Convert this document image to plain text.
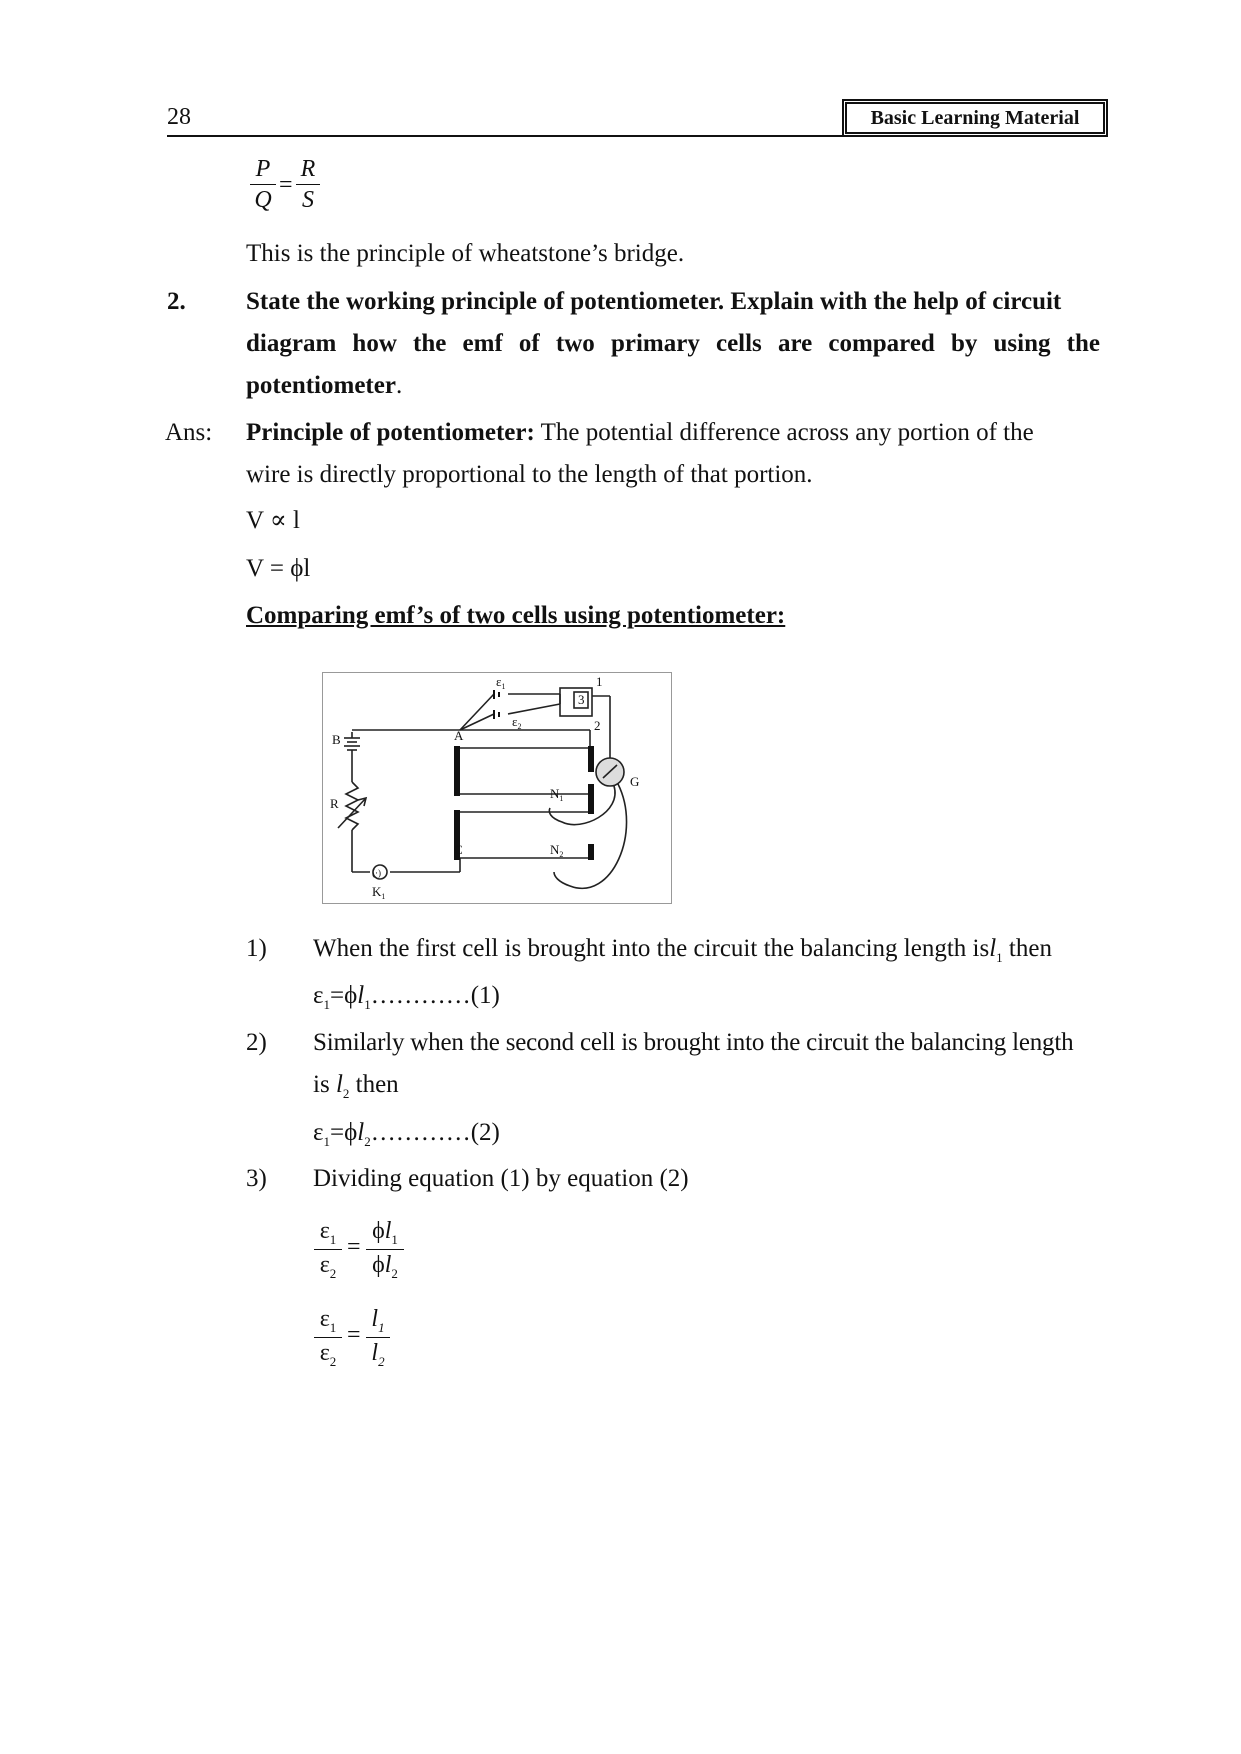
28	Basic Learning Material
P
Q
=
R
S
This is the principle of wheatstone’s bridge.
2. State the working principle of potentiometer. Explain with the help of circuit
diagram how the emf of two primary cells are compared by using the
potentiometer.
Ans: Principle of potentiometer: The potential difference across any portion of the
wire is directly proportional to the length of that portion.
V ∝ l
V = ϕl
Comparing emf’s of two cells using potentiometer:
$\varepsilon_1$
$\varepsilon_2$
1
2
3
A
B
R
C
G
$N_1$
$N_2$
$K_1$
(·)
1) When the first cell is brought into the circuit the balancing length isl$_1$ then
$\varepsilon_1=\phi l_1\dots\dots\dots\dots(1)$
2) Similarly when the second cell is brought into the circuit the balancing length
is $l_2$ then
$\varepsilon_1=\phi l_2\dots\dots\dots\dots(2)$
3) Dividing equation (1) by equation (2)
$\varepsilon_1$
$\varepsilon_2$
=
$\phi l_1$
$\phi l_2$
$\varepsilon_1$
$\varepsilon_2$
=
$l_1$
$l_2$
